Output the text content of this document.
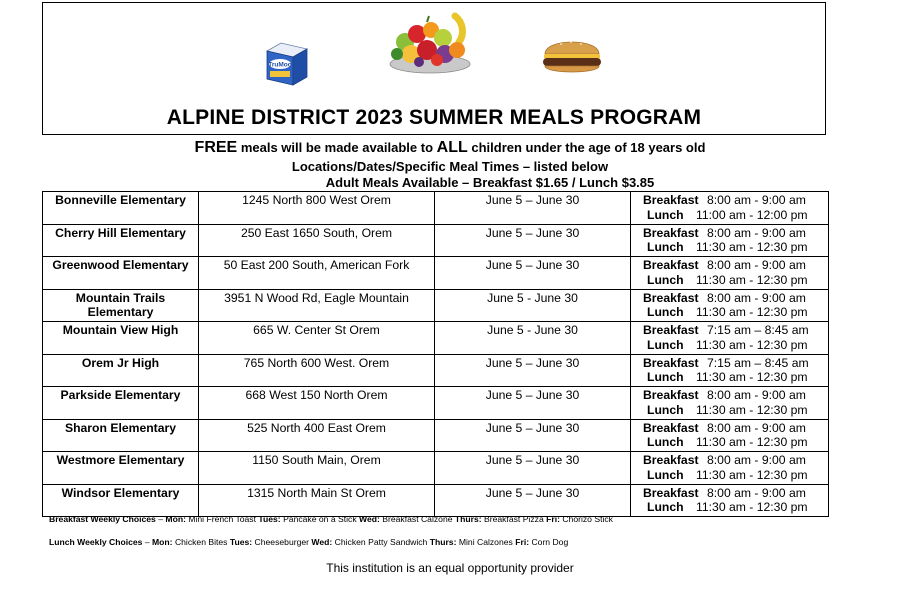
TruMoo
ALPINE DISTRICT 2023 SUMMER MEALS PROGRAM
FREE meals will be made available to ALL children under the age of 18 years old
Locations/Dates/Specific Meal Times – listed below
Adult Meals Available – Breakfast $1.65 / Lunch $3.85
Bonneville Elementary	1245 North 800 West Orem	June 5 – June 30	Breakfast 8:00 am - 9:00 am
Lunch 11:00 am - 12:00 pm

Cherry Hill Elementary	250 East 1650 South, Orem	June 5 – June 30	Breakfast 8:00 am - 9:00 am
Lunch 11:30 am - 12:30 pm

Greenwood Elementary	50 East 200 South, American Fork	June 5 – June 30	Breakfast 8:00 am - 9:00 am
Lunch 11:30 am - 12:30 pm

Mountain Trails Elementary	3951 N Wood Rd, Eagle Mountain	June 5 - June 30	Breakfast 8:00 am - 9:00 am
Lunch 11:30 am - 12:30 pm

Mountain View High	665 W. Center St Orem	June 5 - June 30	Breakfast 7:15 am – 8:45 am
Lunch 11:30 am - 12:30 pm

Orem Jr High	765 North 600 West. Orem	June 5 – June 30	Breakfast 7:15 am – 8:45 am
Lunch 11:30 am - 12:30 pm

Parkside Elementary	668 West 150 North Orem	June 5 – June 30	Breakfast 8:00 am - 9:00 am
Lunch 11:30 am - 12:30 pm

Sharon Elementary	525 North 400 East Orem	June 5 – June 30	Breakfast 8:00 am - 9:00 am
Lunch 11:30 am - 12:30 pm

Westmore Elementary	1150 South Main, Orem	June 5 – June 30	Breakfast 8:00 am - 9:00 am
Lunch 11:30 am - 12:30 pm

Windsor Elementary	1315 North Main St Orem	June 5 – June 30	Breakfast 8:00 am - 9:00 am
Lunch 11:30 am - 12:30 pm
Breakfast Weekly Choices – Mon: Mini French Toast Tues: Pancake on a Stick Wed: Breakfast Calzone Thurs: Breakfast Pizza Fri: Chorizo Stick
Lunch Weekly Choices – Mon: Chicken Bites Tues: Cheeseburger Wed: Chicken Patty Sandwich Thurs: Mini Calzones Fri: Corn Dog
This institution is an equal opportunity provider
